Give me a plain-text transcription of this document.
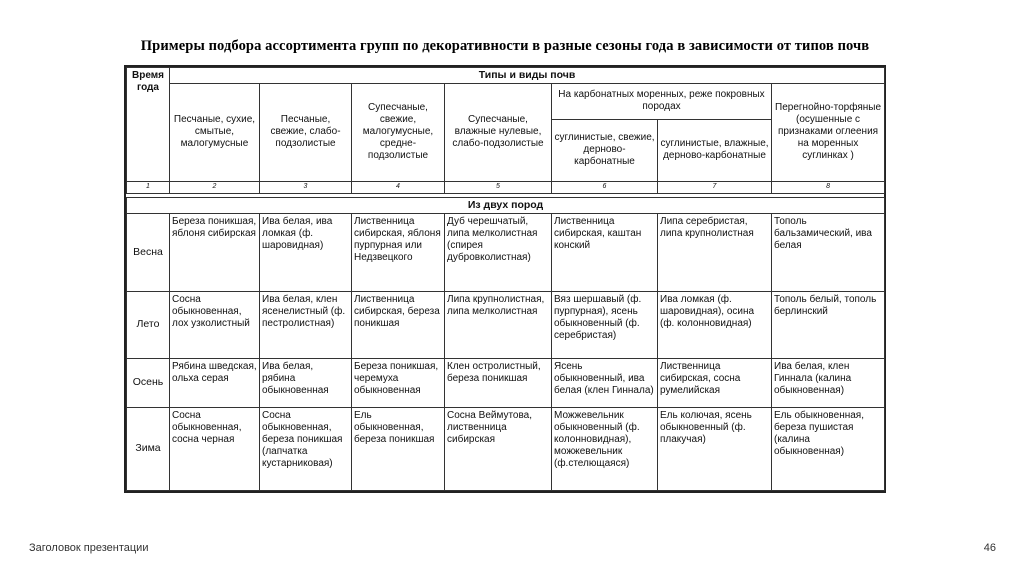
Примеры подбора ассортимента групп по декоративности в разные сезоны года в зависимости от типов почв
Время года	Типы и виды почв						
	Песчаные, сухие, смытые, малогумусные	Песчаные, свежие, слабо-подзолистые	Супесчаные, свежие, малогумусные, средне-подзолистые	Супесчаные, влажные нулевые, слабо-подзолистые	На карбонатных моренных, реже покровных породах		Перегнойно-торфяные (осушенные с признаками оглеения на моренных суглинках )
					суглинистые, свежие, дерново-карбонатные	суглинистые, влажные, дерново-карбонатные	
1	2	3	4	5	6	7	8

Из двух пород							
Весна	Береза поникшая, яблоня сибирская	Ива белая, ива ломкая (ф. шаровидная)	Лиственница сибирская, яблоня пурпурная или Недзвецкого	Дуб черешчатый, липа мелколистная (спирея дубровколистная)	Лиственница сибирская, каштан конский	Липа серебристая, липа крупнолистная	Тополь бальзамический, ива белая
Лето	Сосна обыкновенная, лох узколистный	Ива белая, клен ясенелистный (ф. пестролистная)	Лиственница сибирская, береза поникшая	Липа крупнолистная, липа мелколистная	Вяз шершавый (ф. пурпурная), ясень обыкновенный (ф. серебристая)	Ива ломкая (ф. шаровидная), осина (ф. колонновидная)	Тополь белый, тополь берлинский
Осень	Рябина шведская, ольха серая	Ива белая, рябина обыкновенная	Береза поникшая, черемуха обыкновенная	Клен остролистный, береза поникшая	Ясень обыкновенный, ива белая (клен Гиннала)	Лиственница сибирская, сосна румелийская	Ива белая, клен Гиннала (калина обыкновенная)
Зима	Сосна обыкновенная, сосна черная	Сосна обыкновенная, береза поникшая (лапчатка кустарниковая)	Ель обыкновенная, береза поникшая	Сосна Веймутова, лиственница сибирская	Можжевельник обыкновенный (ф. колонновидная), можжевельник (ф.стелющаяся)	Ель колючая, ясень обыкновенный (ф. плакучая)	Ель обыкновенная, береза пушистая (калина обыкновенная)
Заголовок презентации	46
